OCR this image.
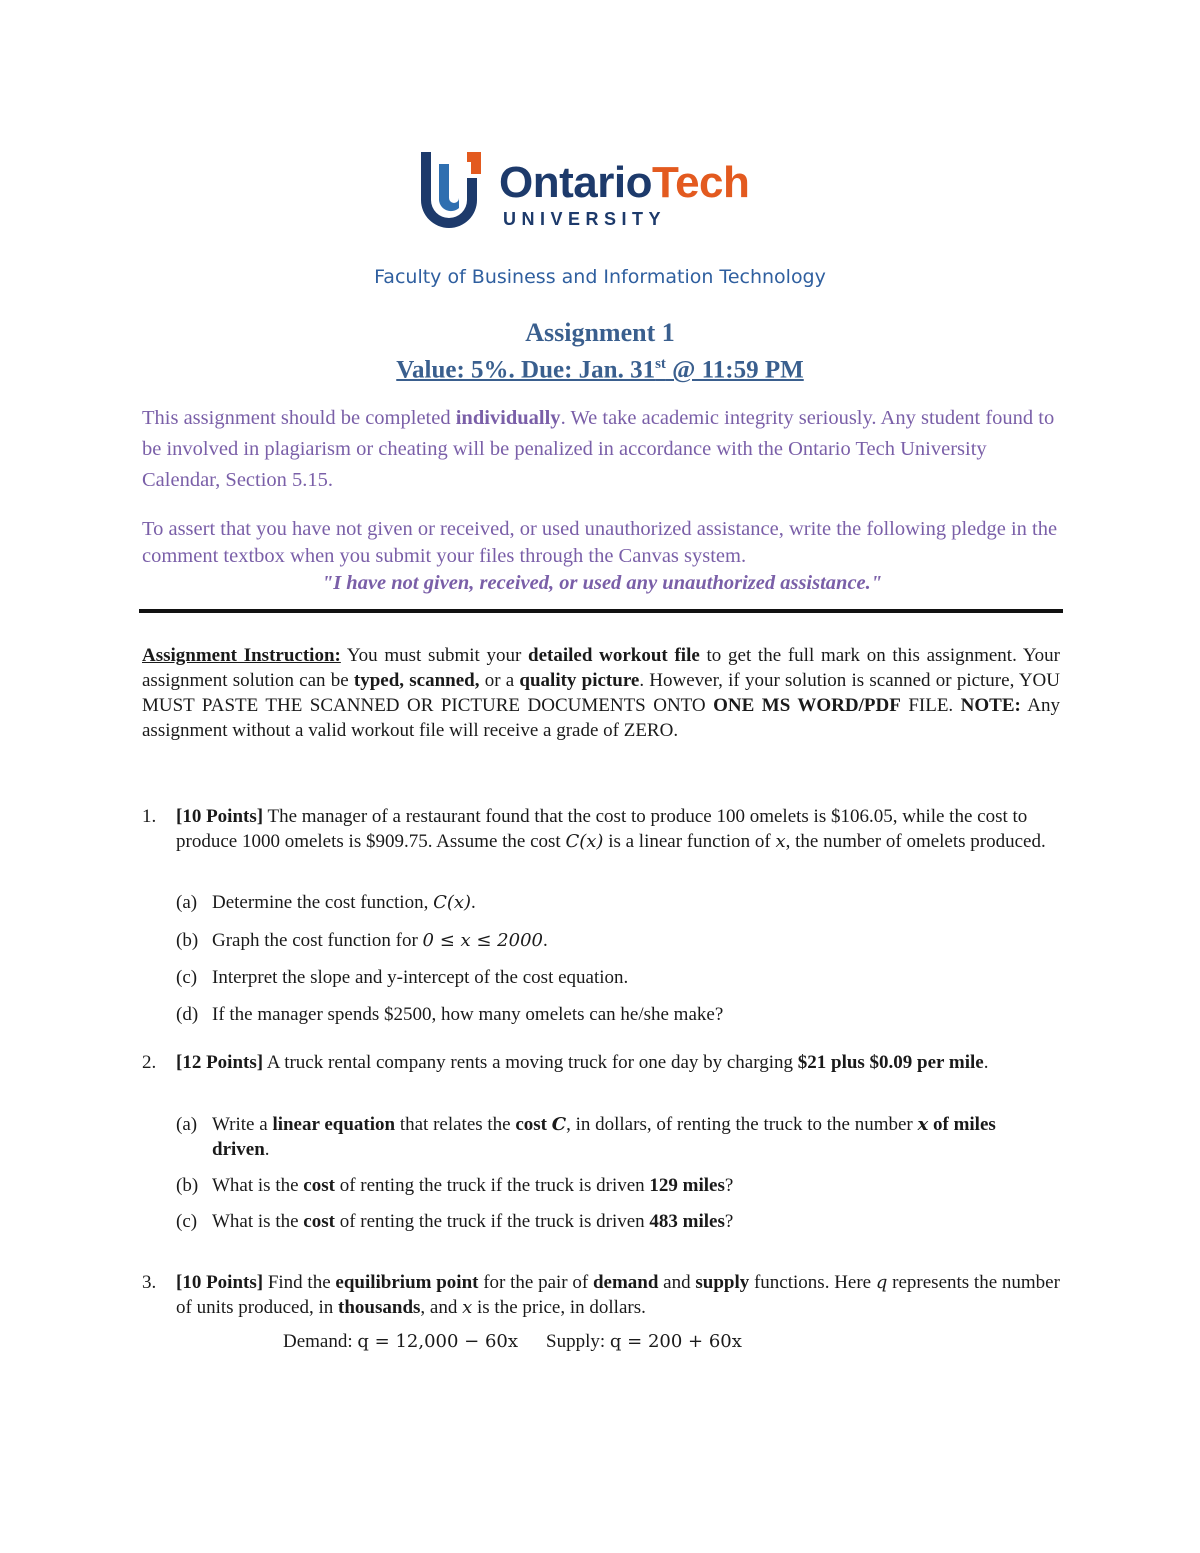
OntarioTech
UNIVERSITY
Faculty of Business and Information Technology
Assignment 1
Value: 5%. Due: Jan. 31st @ 11:59 PM
This assignment should be completed individually. We take academic integrity seriously. Any student found to be involved in plagiarism or cheating will be penalized in accordance with the Ontario Tech University Calendar, Section 5.15.
To assert that you have not given or received, or used unauthorized assistance, write the following pledge in the comment textbox when you submit your files through the Canvas system.
"I have not given, received, or used any unauthorized assistance."
Assignment Instruction: You must submit your detailed workout file to get the full mark on this assignment. Your assignment solution can be typed, scanned, or a quality picture. However, if your solution is scanned or picture, YOU MUST PASTE THE SCANNED OR PICTURE DOCUMENTS ONTO ONE MS WORD/PDF FILE. NOTE: Any assignment without a valid workout file will receive a grade of ZERO.
1. [10 Points] The manager of a restaurant found that the cost to produce 100 omelets is $106.05, while the cost to produce 1000 omelets is $909.75. Assume the cost C(x) is a linear function of x, the number of omelets produced.
(a) Determine the cost function, C(x).
(b) Graph the cost function for 0 ≤ x ≤ 2000.
(c) Interpret the slope and y-intercept of the cost equation.
(d) If the manager spends $2500, how many omelets can he/she make?
2. [12 Points] A truck rental company rents a moving truck for one day by charging $21 plus $0.09 per mile.
(a) Write a linear equation that relates the cost C, in dollars, of renting the truck to the number x of miles driven.
(b) What is the cost of renting the truck if the truck is driven 129 miles?
(c) What is the cost of renting the truck if the truck is driven 483 miles?
3. [10 Points] Find the equilibrium point for the pair of demand and supply functions. Here q represents the number of units produced, in thousands, and x is the price, in dollars.
Demand: q = 12,000 − 60x Supply: q = 200 + 60x
